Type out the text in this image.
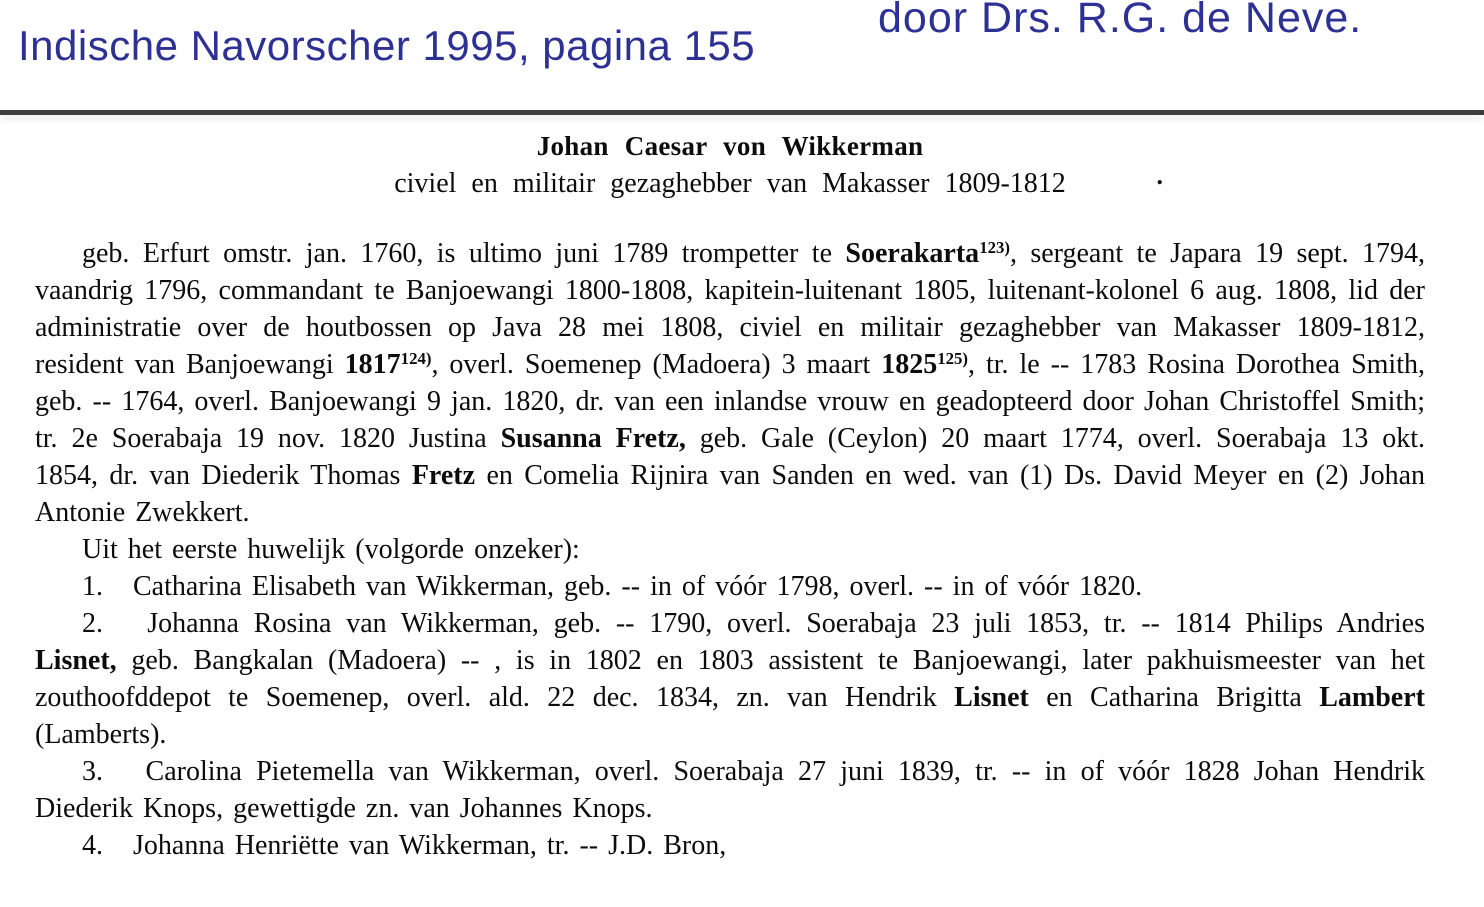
Indische Navorscher 1995, pagina 155
door Drs. R.G. de Neve.
Johan Caesar von Wikkerman
civiel en militair gezaghebber van Makasser 1809-1812	.

geb. Erfurt omstr. jan. 1760, is ultimo juni 1789 trompetter te Soerakarta$^{123)}$, sergeant te Japara 19 sept. 1794, vaandrig 1796, commandant te Banjoewangi 1800-1808, kapitein-luitenant 1805, luitenant-kolonel 6 aug. 1808, lid der administratie over de houtbossen op Java 28 mei 1808, civiel en militair gezaghebber van Makasser 1809-1812, resident van Banjoewangi 1817$^{124)}$, overl. Soemenep (Madoera) 3 maart 1825$^{125)}$, tr. le -- 1783 Rosina Dorothea Smith, geb. -- 1764, overl. Banjoewangi 9 jan. 1820, dr. van een inlandse vrouw en geadopteerd door Johan Christoffel Smith; tr. 2e Soerabaja 19 nov. 1820 Justina Susanna Fretz, geb. Gale (Ceylon) 20 maart 1774, overl. Soerabaja 13 okt. 1854, dr. van Diederik Thomas Fretz en Comelia Rijnira van Sanden en wed. van (1) Ds. David Meyer en (2) Johan Antonie Zwekkert.

Uit het eerste huwelijk (volgorde onzeker):

1.   Catharina Elisabeth van Wikkerman, geb. -- in of vóór 1798, overl. -- in of vóór 1820.

2.   Johanna Rosina van Wikkerman, geb. -- 1790, overl. Soerabaja 23 juli 1853, tr. -- 1814 Philips Andries Lisnet, geb. Bangkalan (Madoera) -- , is in 1802 en 1803 assistent te Banjoewangi, later pakhuismeester van het zouthoofddepot te Soemenep, overl. ald. 22 dec. 1834, zn. van Hendrik Lisnet en Catharina Brigitta Lambert (Lamberts).

3.   Carolina Pietemella van Wikkerman, overl. Soerabaja 27 juni 1839, tr. -- in of vóór 1828 Johan Hendrik Diederik Knops, gewettigde zn. van Johannes Knops.

4.   Johanna Henriëtte van Wikkerman, tr. -- J.D. Bron,
